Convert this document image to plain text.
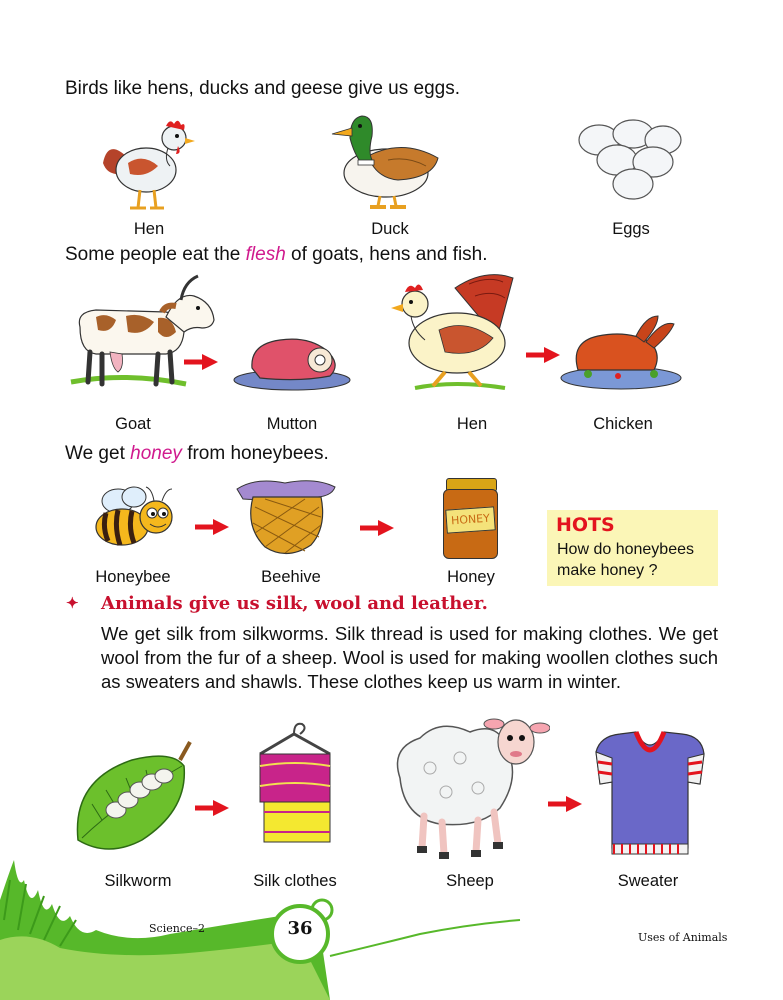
Birds like hens, ducks and geese give us eggs.
Hen	Duck	Eggs
Some people eat the flesh of goats, hens and fish.
Goat	Mutton	Hen	Chicken
We get honey from honeybees.
Honeybee	Beehive
HONEY
Honey
HOTS
How do honeybees
make honey ?
✦ Animals give us silk, wool and leather.
We get silk from silkworms. Silk thread is used for making clothes. We get wool from the fur of a sheep. Wool is used for making woollen clothes such as sweaters and shawls. These clothes keep us warm in winter.
Silkworm	Silk clothes	Sheep	Sweater
36
Science–2
Uses of Animals
